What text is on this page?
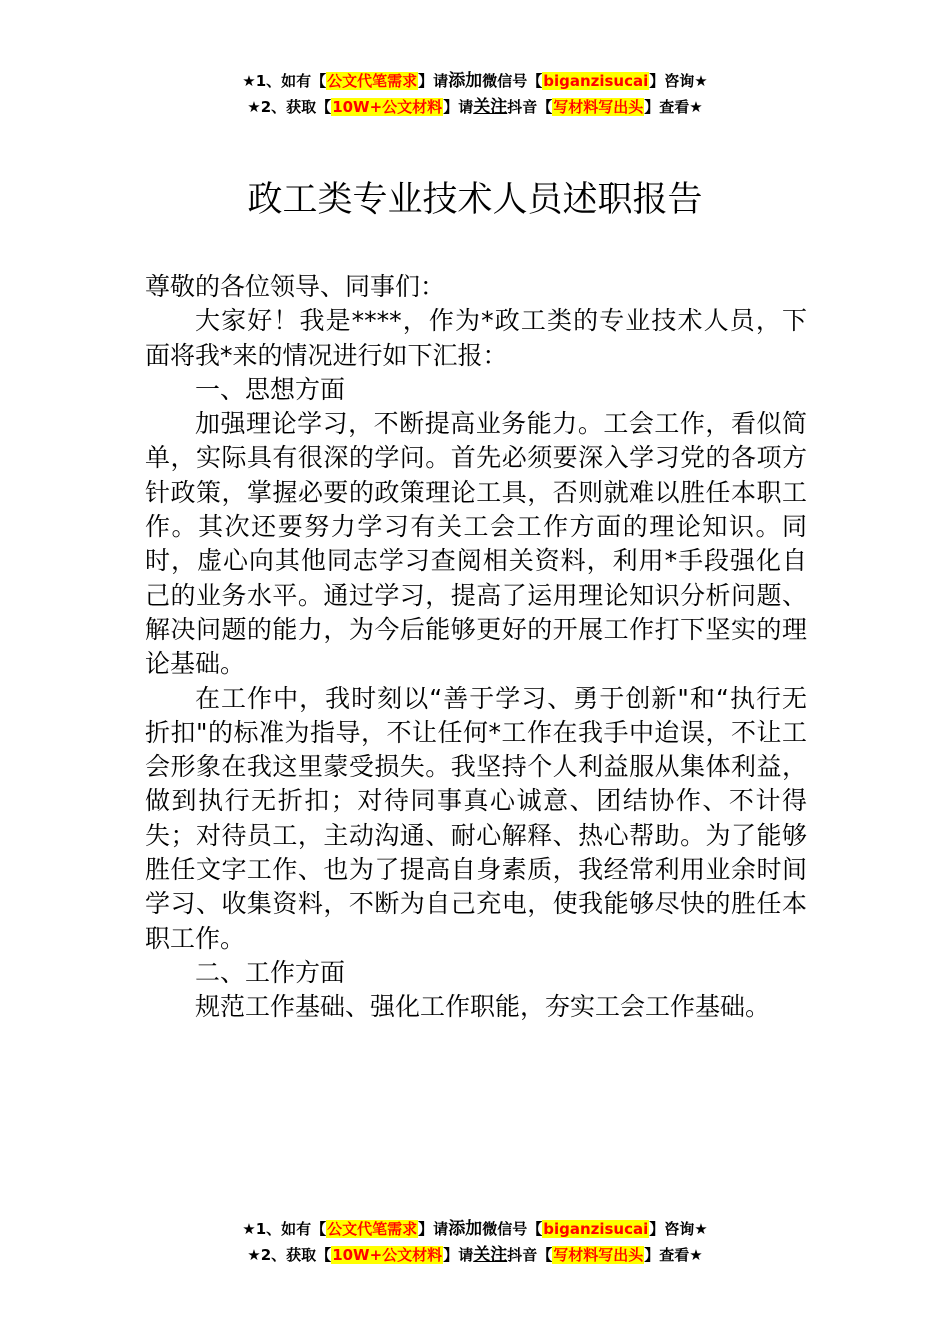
★1、如有【公文代笔需求】请添加微信号【biganzisucai】咨询★
★2、获取【10W+公文材料】请关注抖音【写材料写出头】查看★
政工类专业技术人员述职报告

尊敬的各位领导、同事们：

大家好！我是****，作为*政工类的专业技术人员，下面将我*来的情况进行如下汇报：

一、思想方面

加强理论学习，不断提高业务能力。工会工作，看似简单，实际具有很深的学问。首先必须要深入学习党的各项方针政策，掌握必要的政策理论工具，否则就难以胜任本职工作。其次还要努力学习有关工会工作方面的理论知识。同时，虚心向其他同志学习查阅相关资料，利用*手段强化自己的业务水平。通过学习，提高了运用理论知识分析问题、解决问题的能力，为今后能够更好的开展工作打下坚实的理论基础。

在工作中，我时刻以“善于学习、勇于创新"和“执行无折扣"的标准为指导，不让任何*工作在我手中迨误，不让工会形象在我这里蒙受损失。我坚持个人利益服从集体利益，做到执行无折扣；对待同事真心诚意、团结协作、不计得失；对待员工，主动沟通、耐心解释、热心帮助。为了能够胜任文字工作、也为了提高自身素质，我经常利用业余时间学习、收集资料，不断为自己充电，使我能够尽快的胜任本职工作。

二、工作方面

规范工作基础、强化工作职能，夯实工会工作基础。

★1、如有【公文代笔需求】请添加微信号【biganzisucai】咨询★
★2、获取【10W+公文材料】请关注抖音【写材料写出头】查看★
